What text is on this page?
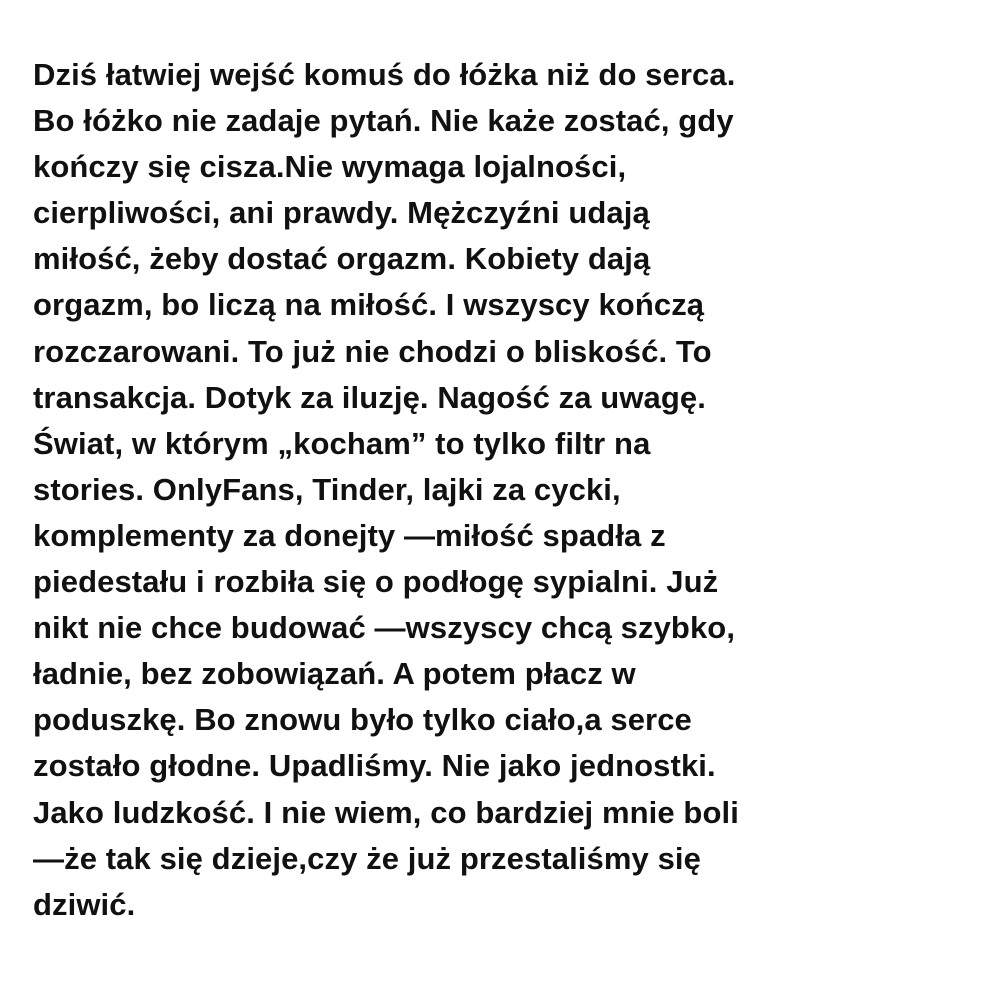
Dziś łatwiej wejść komuś do łóżka niż do serca.
Bo łóżko nie zadaje pytań. Nie każe zostać, gdy
kończy się cisza.Nie wymaga lojalności,
cierpliwości, ani prawdy. Mężczyźni udają
miłość, żeby dostać orgazm. Kobiety dają
orgazm, bo liczą na miłość. I wszyscy kończą
rozczarowani. To już nie chodzi o bliskość. To
transakcja. Dotyk za iluzję. Nagość za uwagę.
Świat, w którym „kocham” to tylko filtr na
stories. OnlyFans, Tinder, lajki za cycki,
komplementy za donejty —miłość spadła z
piedestału i rozbiła się o podłogę sypialni. Już
nikt nie chce budować —wszyscy chcą szybko,
ładnie, bez zobowiązań. A potem płacz w
poduszkę. Bo znowu było tylko ciało,a serce
zostało głodne. Upadliśmy. Nie jako jednostki.
Jako ludzkość. I nie wiem, co bardziej mnie boli
—że tak się dzieje,czy że już przestaliśmy się
dziwić.
